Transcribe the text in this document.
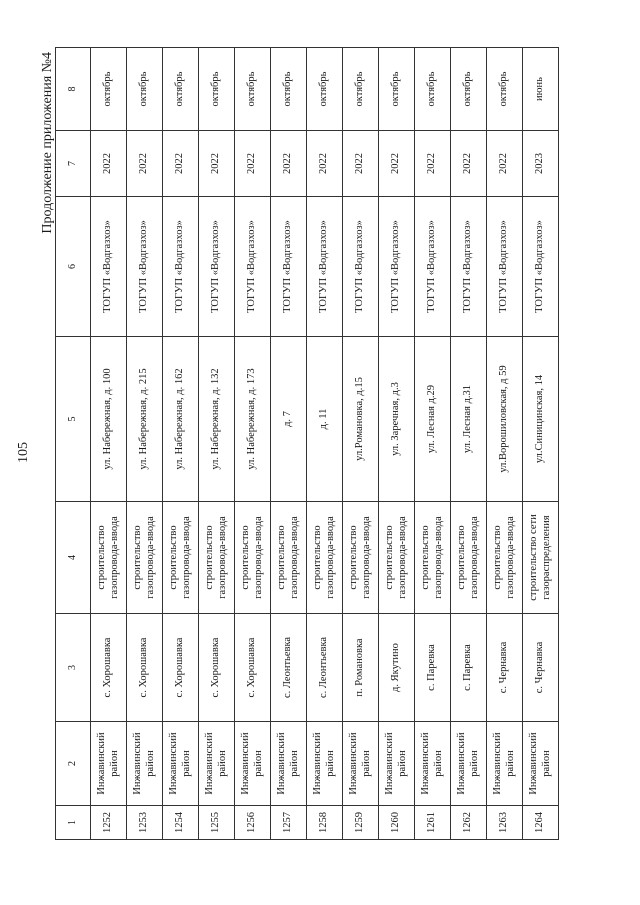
105
Продолжение приложения №4
1	2	3	4	5	6	7	8
1252	Инжавинский район	с. Хорошавка	строительство газопровода-ввода	ул. Набережная, д. 100	ТОГУП «Водгазхоз»	2022	октябрь
1253	Инжавинский район	с. Хорошавка	строительство газопровода-ввода	ул. Набережная, д. 215	ТОГУП «Водгазхоз»	2022	октябрь
1254	Инжавинский район	с. Хорошавка	строительство газопровода-ввода	ул. Набережная, д. 162	ТОГУП «Водгазхоз»	2022	октябрь
1255	Инжавинский район	с. Хорошавка	строительство газопровода-ввода	ул. Набережная, д. 132	ТОГУП «Водгазхоз»	2022	октябрь
1256	Инжавинский район	с. Хорошавка	строительство газопровода-ввода	ул. Набережная, д. 173	ТОГУП «Водгазхоз»	2022	октябрь
1257	Инжавинский район	с. Леонтьевка	строительство газопровода-ввода	д. 7	ТОГУП «Водгазхоз»	2022	октябрь
1258	Инжавинский район	с. Леонтьевка	строительство газопровода-ввода	д. 11	ТОГУП «Водгазхоз»	2022	октябрь
1259	Инжавинский район	п. Романовка	строительство газопровода-ввода	ул.Романовка, д.15	ТОГУП «Водгазхоз»	2022	октябрь
1260	Инжавинский район	д. Якутино	строительство газопровода-ввода	ул. Заречная, д.3	ТОГУП «Водгазхоз»	2022	октябрь
1261	Инжавинский район	с. Паревка	строительство газопровода-ввода	ул. Лесная д.29	ТОГУП «Водгазхоз»	2022	октябрь
1262	Инжавинский район	с. Паревка	строительство газопровода-ввода	ул. Лесная д.31	ТОГУП «Водгазхоз»	2022	октябрь
1263	Инжавинский район	с. Чернавка	строительство газопровода-ввода	ул.Ворошиловская, д 59	ТОГУП «Водгазхоз»	2022	октябрь
1264	Инжавинский район	с. Чернавка	строительство сети газораспределения	ул.Синицинская, 14	ТОГУП «Водгазхоз»	2023	июнь
